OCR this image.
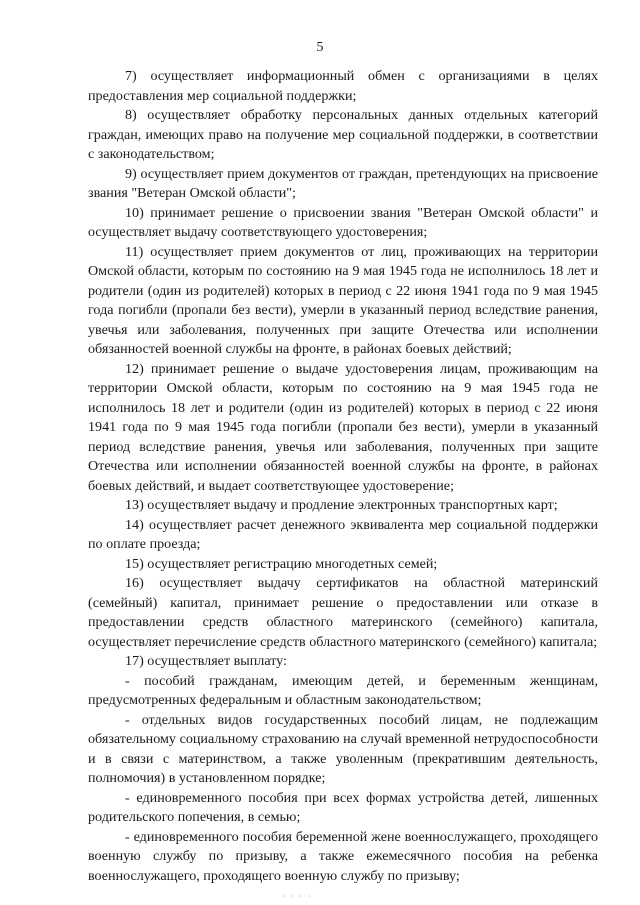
5

7) осуществляет информационный обмен с организациями в целях предоставления мер социальной поддержки;

8) осуществляет обработку персональных данных отдельных категорий граждан, имеющих право на получение мер социальной поддержки, в соответствии с законодательством;

9) осуществляет прием документов от граждан, претендующих на присвоение звания "Ветеран Омской области";

10) принимает решение о присвоении звания "Ветеран Омской области" и осуществляет выдачу соответствующего удостоверения;

11) осуществляет прием документов от лиц, проживающих на территории Омской области, которым по состоянию на 9 мая 1945 года не исполнилось 18 лет и родители (один из родителей) которых в период с 22 июня 1941 года по 9 мая 1945 года погибли (пропали без вести), умерли в указанный период вследствие ранения, увечья или заболевания, полученных при защите Отечества или исполнении обязанностей военной службы на фронте, в районах боевых действий;

12) принимает решение о выдаче удостоверения лицам, проживающим на территории Омской области, которым по состоянию на 9 мая 1945 года не исполнилось 18 лет и родители (один из родителей) которых в период с 22 июня 1941 года по 9 мая 1945 года погибли (пропали без вести), умерли в указанный период вследствие ранения, увечья или заболевания, полученных при защите Отечества или исполнении обязанностей военной службы на фронте, в районах боевых действий, и выдает соответствующее удостоверение;

13) осуществляет выдачу и продление электронных транспортных карт;

14) осуществляет расчет денежного эквивалента мер социальной поддержки по оплате проезда;

15) осуществляет регистрацию многодетных семей;

16) осуществляет выдачу сертификатов на областной материнский (семейный) капитал, принимает решение о предоставлении или отказе в предоставлении средств областного материнского (семейного) капитала, осуществляет перечисление средств областного материнского (семейного) капитала;

17) осуществляет выплату:

- пособий гражданам, имеющим детей, и беременным женщинам, предусмотренных федеральным и областным законодательством;

- отдельных видов государственных пособий лицам, не подлежащим обязательному социальному страхованию на случай временной нетрудоспособности и в связи с материнством, а также уволенным (прекратившим деятельность, полномочия) в установленном порядке;

- единовременного пособия при всех формах устройства детей, лишенных родительского попечения, в семью;

- единовременного пособия беременной жене военнослужащего, проходящего военную службу по призыву, а также ежемесячного пособия на ребенка военнослужащего, проходящего военную службу по призыву;

· · · ·
